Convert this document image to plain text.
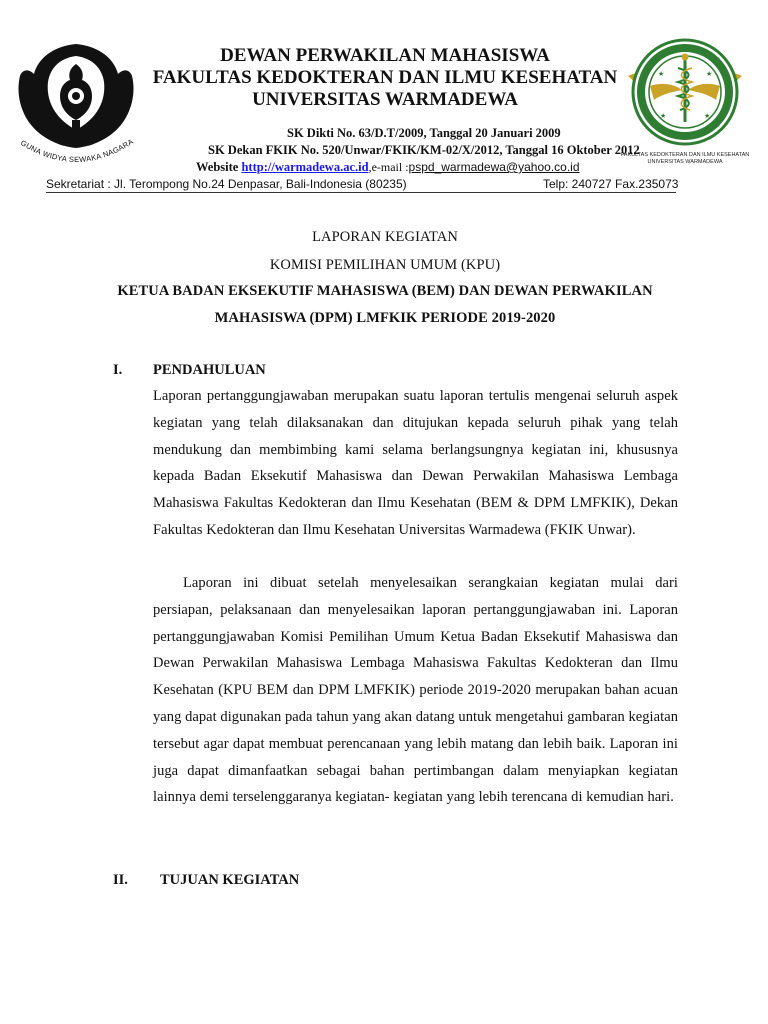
GUNA WIDYA SEWAKA NAGARA
DEWAN PERWAKILAN MAHASISWA
FAKULTAS KEDOKTERAN DAN ILMU KESEHATAN
UNIVERSITAS WARMADEWA
★	★
★	★
FAKULTAS KEDOKTERAN DAN ILMU KESEHATAN
UNIVERSITAS WARMADEWA
SK Dikti No. 63/D.T/2009, Tanggal 20 Januari 2009
SK Dekan FKIK No. 520/Unwar/FKIK/KM-02/X/2012, Tanggal 16 Oktober 2012
Website http://warmadewa.ac.id,e-mail :pspd_warmadewa@yahoo.co.id
Sekretariat : Jl. Terompong No.24 Denpasar, Bali-Indonesia (80235)	Telp: 240727 Fax.235073
LAPORAN KEGIATAN
KOMISI PEMILIHAN UMUM (KPU)
KETUA BADAN EKSEKUTIF MAHASISWA (BEM) DAN DEWAN PERWAKILAN
MAHASISWA (DPM) LMFKIK PERIODE 2019-2020
I. PENDAHULUAN
Laporan pertanggungjawaban merupakan suatu laporan tertulis mengenai seluruh aspek kegiatan yang telah dilaksanakan dan ditujukan kepada seluruh pihak yang telah mendukung dan membimbing kami selama berlangsungnya kegiatan ini, khususnya kepada Badan Eksekutif Mahasiswa dan Dewan Perwakilan Mahasiswa Lembaga Mahasiswa Fakultas Kedokteran dan Ilmu Kesehatan (BEM & DPM LMFKIK), Dekan Fakultas Kedokteran dan Ilmu Kesehatan Universitas Warmadewa (FKIK Unwar).
Laporan ini dibuat setelah menyelesaikan serangkaian kegiatan mulai dari persiapan, pelaksanaan dan menyelesaikan laporan pertanggungjawaban ini. Laporan pertanggungjawaban Komisi Pemilihan Umum Ketua Badan Eksekutif Mahasiswa dan Dewan Perwakilan Mahasiswa Lembaga Mahasiswa Fakultas Kedokteran dan Ilmu Kesehatan (KPU BEM dan DPM LMFKIK) periode 2019-2020 merupakan bahan acuan yang dapat digunakan pada tahun yang akan datang untuk mengetahui gambaran kegiatan tersebut agar dapat membuat perencanaan yang lebih matang dan lebih baik. Laporan ini juga dapat dimanfaatkan sebagai bahan pertimbangan dalam menyiapkan kegiatan lainnya demi terselenggaranya kegiatan- kegiatan yang lebih terencana di kemudian hari.
II. TUJUAN KEGIATAN
